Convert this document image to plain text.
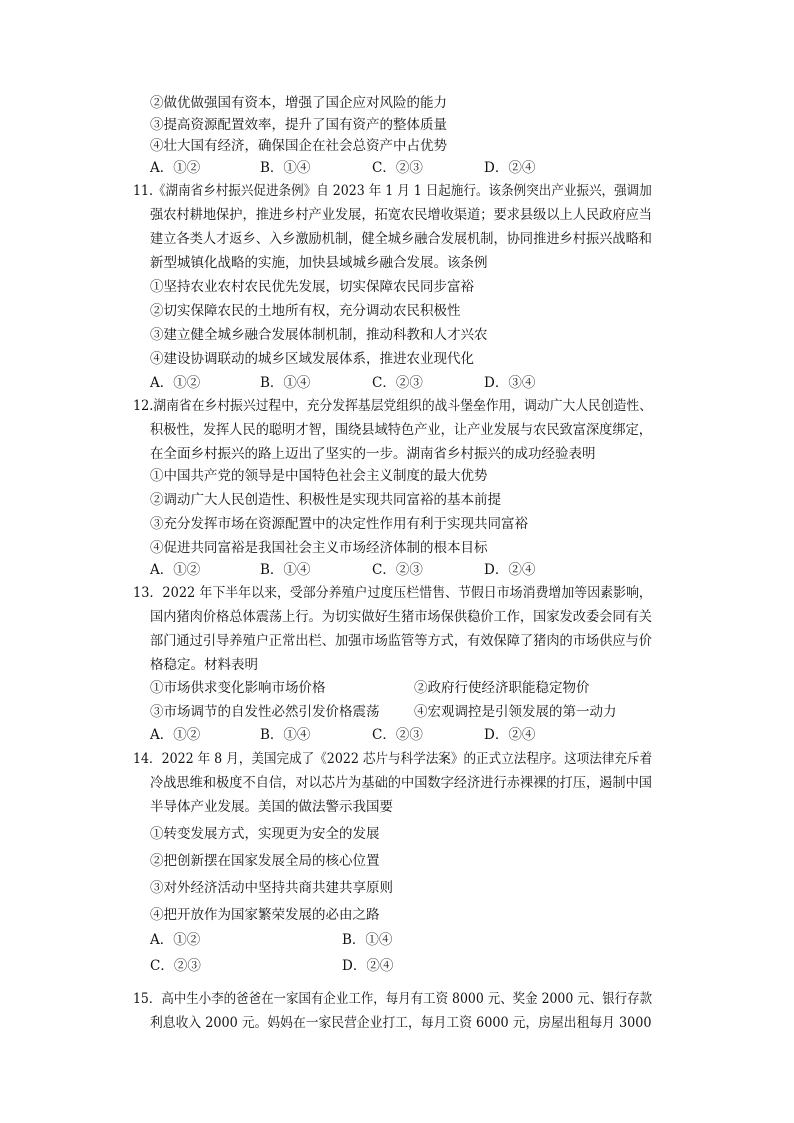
②做优做强国有资本，增强了国企应对风险的能力
③提高资源配置效率，提升了国有资产的整体质量
④壮大国有经济，确保国企在社会总资产中占优势
A．①②	B．①④	C．②③	D．②④
11.《湖南省乡村振兴促进条例》自 2023 年 1 月 1 日起施行。该条例突出产业振兴，强调加
强农村耕地保护，推进乡村产业发展，拓宽农民增收渠道；要求县级以上人民政府应当
建立各类人才返乡、入乡激励机制，健全城乡融合发展机制，协同推进乡村振兴战略和
新型城镇化战略的实施，加快县域城乡融合发展。该条例
①坚持农业农村农民优先发展，切实保障农民同步富裕
②切实保障农民的土地所有权，充分调动农民积极性
③建立健全城乡融合发展体制机制，推动科教和人才兴农
④建设协调联动的城乡区域发展体系，推进农业现代化
A．①②	B．①④	C．②③	D．③④
12.湖南省在乡村振兴过程中，充分发挥基层党组织的战斗堡垒作用，调动广大人民创造性、
积极性，发挥人民的聪明才智，围绕县域特色产业，让产业发展与农民致富深度绑定，
在全面乡村振兴的路上迈出了坚实的一步。湖南省乡村振兴的成功经验表明
①中国共产党的领导是中国特色社会主义制度的最大优势
②调动广大人民创造性、积极性是实现共同富裕的基本前提
③充分发挥市场在资源配置中的决定性作用有利于实现共同富裕
④促进共同富裕是我国社会主义市场经济体制的根本目标
A．①②	B．①④	C．②③	D．②④
13．2022 年下半年以来，受部分养殖户过度压栏惜售、节假日市场消费增加等因素影响，
国内猪肉价格总体震荡上行。为切实做好生猪市场保供稳价工作，国家发改委会同有关
部门通过引导养殖户正常出栏、加强市场监管等方式，有效保障了猪肉的市场供应与价
格稳定。材料表明
①市场供求变化影响市场价格	②政府行使经济职能稳定物价
③市场调节的自发性必然引发价格震荡	④宏观调控是引领发展的第一动力
A．①②	B．①④	C．②③	D．②④
14．2022 年 8 月，美国完成了《2022 芯片与科学法案》的正式立法程序。这项法律充斥着
冷战思维和极度不自信，对以芯片为基础的中国数字经济进行赤裸裸的打压，遏制中国
半导体产业发展。美国的做法警示我国要
①转变发展方式，实现更为安全的发展
②把创新摆在国家发展全局的核心位置
③对外经济活动中坚持共商共建共享原则
④把开放作为国家繁荣发展的必由之路
A．①②	B．①④
C．②③	D．②④
15．高中生小李的爸爸在一家国有企业工作，每月有工资 8000 元、奖金 2000 元、银行存款
利息收入 2000 元。妈妈在一家民营企业打工，每月工资 6000 元，房屋出租每月 3000
